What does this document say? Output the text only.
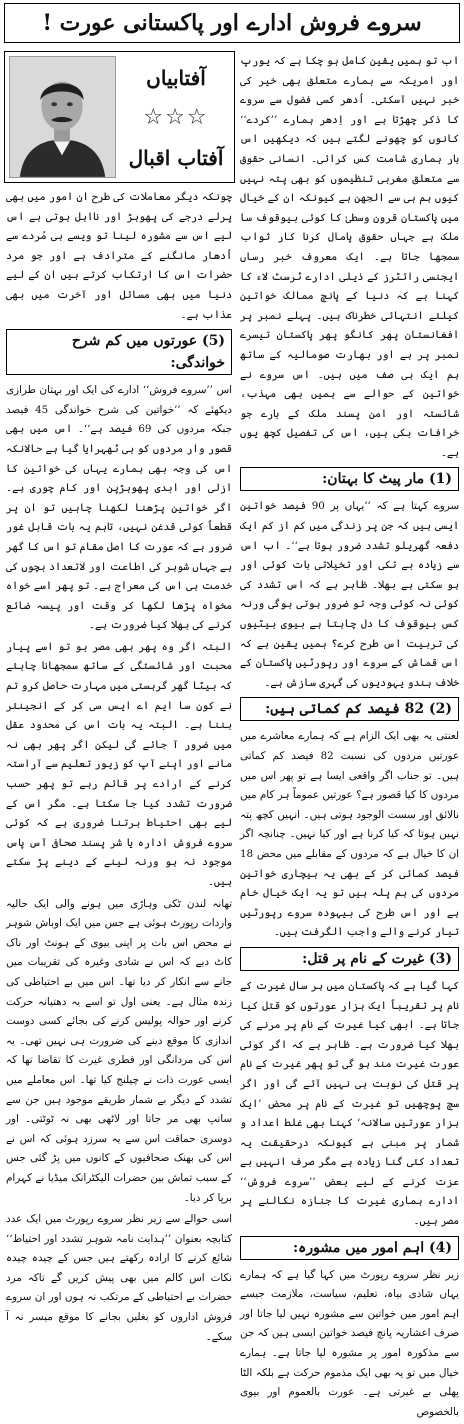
سروے فروش ادارے اور پاکستانی عورت !
آفتابیاں
☆☆☆
آفتاب اقبال

اب تو ہمیں یقین کامل ہو چکا ہے کہ یورپ اور امریکہ سے ہمارے متعلق بھی خیر کی خبر نہیں آسکتی۔ اُدھر کسی فضول سے سروے کا ذکر چھڑتا ہے اور اِدھر ہمارے ’’کردے‘‘ کانوں کو چھونے لگتے ہیں کہ دیکھیں اس بار ہماری شامت کس کرائی۔ انسانی حقوق سے متعلق مغربی تنظیموں کو بھی پتہ نہیں کیوں ہم ہی سے الجھن ہے کیونکہ ان کے خیال میں پاکستان قرون وسطیٰ کا کوئی بیوقوف سا ملک ہے جہاں حقوق پامال کرنا کار ثواب سمجھا جاتا ہے۔ ایک معروف خبر رساں ایجنسی رائٹرز کے ذیلی ادارے ٹرسٹ لاء کا کہنا ہے کہ دنیا کے پانچ ممالک خواتین کیلئے انتہائی خطرناک ہیں۔ پہلے نمبر پر افغانستان پھر کانگو پھر پاکستان تیسرے نمبر پر ہے اور بھارت صومالیہ کے ساتھ ہم ایک ہی صف میں ہیں۔ اس سروے نے خواتین کے حوالے سے ہمیں بھی مہذب، شائستہ اور امن پسند ملک کے بارے جو خرافات بکی ہیں، اس کی تفصیل کچھ یوں ہے۔

(1) مار پیٹ کا بہتان:

سروے کہتا ہے کہ ’’یہاں پر 90 فیصد خواتین ایسی ہیں کہ جن پر زندگی میں کم از کم ایک دفعہ گھریلو تشدد ضرور ہوتا ہے‘‘۔ اب اس سے زیادہ بے تکی اور تخیلاتی بات کوئی اور ہو سکتی ہے بھلا۔ ظاہر ہے کہ اس تشدد کی کوئی نہ کوئی وجہ تو ضرور ہوتی ہوگی ورنہ کس بیوقوف کا دل چاہتا ہے بیوی بیٹیوں کی تربیت اس طرح کرے؟ ہمیں یقین ہے کہ اس قماش کے سروے اور رپورٹیں پاکستان کے خلاف ہندو یہودیوں کی گہری سازش ہے۔

(2) 82 فیصد کم کماتی ہیں:

لعنتی یہ بھی ایک الزام ہے کہ ہمارے معاشرے میں عورتیں مردوں کی نسبت 82 فیصد کم کماتی ہیں۔ تو جناب اگر واقعی ایسا ہے تو پھر اس میں مردوں کا کیا قصور ہے؟ عورتیں عموماً ہر کام میں نالائق اور سست الوجود ہوتی ہیں۔ انہیں کچھ پتہ نہیں ہوتا کہ کیا کرنا ہے اور کیا نہیں۔ چنانچہ اگر ان کا خیال ہے کہ مردوں کے مقابلے میں محض 18 فیصد کمائی کر کے بھی یہ بیچاری خواتین مردوں کی ہم پلہ ہیں تو یہ ایک خیال خام ہے اور اس طرح کی بیہودہ سروے رپورٹیں تیار کرنے والے واجب الگرفت ہیں۔

(3) غیرت کے نام پر قتل:

کہا گیا ہے کہ پاکستان میں ہر سال غیرت کے نام پر تقریباً ایک ہزار عورتوں کو قتل کیا جاتا ہے۔ ابھی کیا غیرت کے نام پر مرنے کی بھلا کیا ضرورت ہے۔ ظاہر ہے کہ اگر کوئی عورت غیرت مند ہو گی تو پھر غیرت کے نام پر قتل کی نوبت ہی نہیں آئے گی اور اگر سچ پوچھیں تو غیرت کے نام پر محض ’ایک ہزار عورتیں سالانہ‘ کہنا بھی غلط اعداد و شمار پر مبنی ہے کیونکہ درحقیقت یہ تعداد کئی گنا زیادہ ہے مگر صرف انہیں بے عزت کرنے کے لیے بعض ’’سروے فروش‘‘ ادارے ہماری غیرت کا جنازہ نکالنے پر مصر ہیں۔

(4) اہم امور میں مشورہ:

زیر نظر سروے رپورٹ میں کہا گیا ہے کہ ہمارے یہاں شادی بیاہ، تعلیم، سیاست، ملازمت جیسے اہم امور میں خواتین سے مشورہ نہیں لیا جاتا اور صرف اعشاریہ پانچ فیصد خواتین ایسی ہیں کہ جن سے مذکورہ امور پر مشورہ لیا جاتا ہے۔ ہمارے خیال میں تو یہ بھی ایک مذموم حرکت ہے بلکہ الٹا پھلی بے غیرتی ہے۔ عورت بالعموم اور بیوی بالخصوص

چونکہ دیگر معاملات کی طرح ان امور میں بھی پرلے درجے کی پھوہڑ اور نااہل ہوتی ہے اس لیے اس سے مشورہ لینا تو ویسے ہی مُردے سے اُدھار مانگنے کے مترادف ہے اور جو مرد حضرات اس کا ارتکاب کرتے ہیں ان کے لیے دنیا میں بھی مسائل اور آخرت میں بھی عذاب ہے۔

(5) عورتوں میں کم شرح خواندگی:

اس ’’سروے فروش‘‘ ادارے کی ایک اور بہتان طرازی دیکھئے کہ ’’خواتین کی شرح خواندگی 45 فیصد جبکہ مردوں کی 69 فیصد ہے‘‘۔ اس میں بھی قصور وار مردوں کو ہی ٹھہرایا گیا ہے حالانکہ اس کی وجہ بھی ہمارے یہاں کی خواتین کا ازلی اور ابدی پھوہڑپن اور کام چوری ہے۔ اگر خواتین پڑھنا لکھنا چاہیں تو ان پر قطعاً کوئی قدغن نہیں، تاہم یہ بات قابل غور ضرور ہے کہ عورت کا اصل مقام تو اس کا گھر ہے جہاں شوہر کی اطاعت اور لاتعداد بچوں کی خدمت ہی اس کی معراج ہے۔ تو پھر اسے خواہ مخواہ پڑھا لکھا کر وقت اور پیسہ ضائع کرنے کی بھلا کیا ضرورت ہے۔

البتہ اگر وہ پھر بھی مصر ہو تو اسے پیار محبت اور شائستگی کے ساتھ سمجھانا چاہئے کہ بیٹا گھر گرہستی میں مہارت حاصل کرو تم نے کون سا ایم اے ایس سی کر کے انجینئر بننا ہے۔ البتہ یہ بات اس کی محدود عقل میں ضرور آ جائے گی لیکن اگر پھر بھی نہ مانے اور اپنے آپ کو زیور تعلیم سے آراستہ کرنے کے ارادے پر قائم رہے تو پھر حسب ضرورت تشدد کیا جا سکتا ہے۔ مگر اس کے لیے بھی احتیاط برتنا ضروری ہے کہ کوئی سروے فروش ادارہ یا شر پسند صحافی آس پاس موجود نہ ہو ورنہ لینے کے دینے پڑ سکتے ہیں۔

تھانہ لندن ٹکی وہاڑی میں ہونے والی ایک حالیہ واردات رپورٹ ہوئی ہے جس میں ایک اوباش شوہر نے محض اس بات پر اپنی بیوی کے ہونٹ اور ناک کاٹ دیے کہ اس نے شادی وغیرہ کی تقریبات میں جانے سے انکار کر دیا تھا۔ اس میں بے احتیاطی کی زندہ مثال ہے۔ یعنی اول تو اسے یہ دھتیانہ حرکت کرنے اور حوالہ پولیس کرنے کی بجائے کسی دوست اندازی کا موقع دینے کی ضرورت ہی نہیں تھی۔ یہ اس کی مردانگی اور فطری غیرت کا تقاضا تھا کہ ایسی عورت ذات نے چیلنج کیا تھا۔ اس معاملے میں تشدد کے دیگر بے شمار طریقے موجود ہیں جن سے سانپ بھی مر جاتا اور لاٹھی بھی نہ ٹوٹتی۔ اور دوسری حماقت اس سے یہ سرزد ہوئی کہ اس نے اس کی بھنک صحافیوں کے کانوں میں پڑ گئی جس کے سبب تماش بین حضرات الیکٹرانک میڈیا نے کہرام برپا کر دیا۔

اسی حوالے سے زیر نظر سروے رپورٹ میں ایک عدد کتابچہ بعنوان ’’ہدایت نامہ شوہر تشدد اور احتیاط‘‘ شائع کرنے کا ارادہ رکھتے ہیں جس کے چیدہ چیدہ نکات اس کالم میں بھی پیش کریں گے تاکہ مرد حضرات بے احتیاطی کے مرتکب نہ ہوں اور ان سروے فروش اداروں کو بغلیں بجانے کا موقع میسر نہ آ سکے۔
